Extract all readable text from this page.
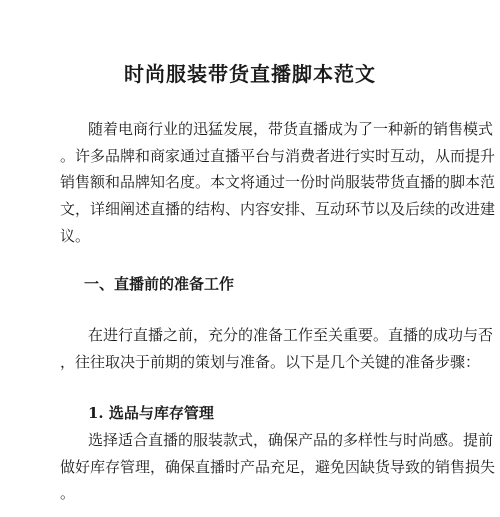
时尚服装带货直播脚本范文
随着电商行业的迅猛发展，带货直播成为了一种新的销售模式
。许多品牌和商家通过直播平台与消费者进行实时互动，从而提升
销售额和品牌知名度。本文将通过一份时尚服装带货直播的脚本范
文，详细阐述直播的结构、内容安排、互动环节以及后续的改进建
议。
一、直播前的准备工作
在进行直播之前，充分的准备工作至关重要。直播的成功与否
，往往取决于前期的策划与准备。以下是几个关键的准备步骤：
1. 选品与库存管理
选择适合直播的服装款式，确保产品的多样性与时尚感。提前
做好库存管理，确保直播时产品充足，避免因缺货导致的销售损失
。
